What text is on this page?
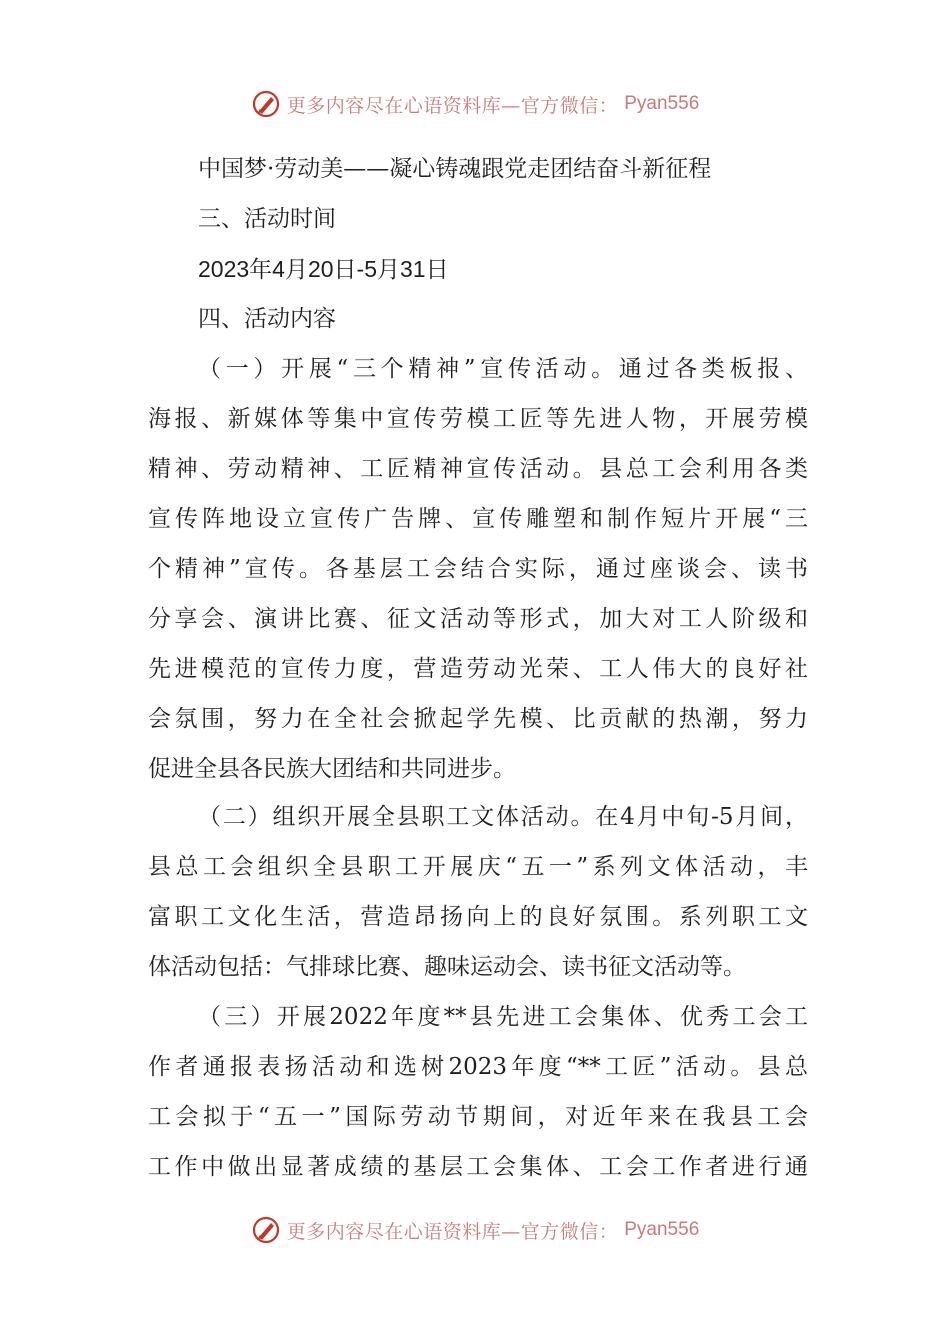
更多内容尽在心语资料库—官方微信： Pyan556
中国梦·劳动美——凝心铸魂跟党走团结奋斗新征程
三、活动时间
2023年4月20日-5月31日
四、活动内容
（一）开展“三个精神”宣传活动。通过各类板报、
海报、新媒体等集中宣传劳模工匠等先进人物，开展劳模
精神、劳动精神、工匠精神宣传活动。县总工会利用各类
宣传阵地设立宣传广告牌、宣传雕塑和制作短片开展“三
个精神”宣传。各基层工会结合实际，通过座谈会、读书
分享会、演讲比赛、征文活动等形式，加大对工人阶级和
先进模范的宣传力度，营造劳动光荣、工人伟大的良好社
会氛围，努力在全社会掀起学先模、比贡献的热潮，努力
促进全县各民族大团结和共同进步。
（二）组织开展全县职工文体活动。在4月中旬-5月间，
县总工会组织全县职工开展庆“五一”系列文体活动，丰
富职工文化生活，营造昂扬向上的良好氛围。系列职工文
体活动包括：气排球比赛、趣味运动会、读书征文活动等。
（三）开展2022年度**县先进工会集体、优秀工会工
作者通报表扬活动和选树2023年度“**工匠”活动。县总
工会拟于“五一”国际劳动节期间，对近年来在我县工会
工作中做出显著成绩的基层工会集体、工会工作者进行通
更多内容尽在心语资料库—官方微信： Pyan556
